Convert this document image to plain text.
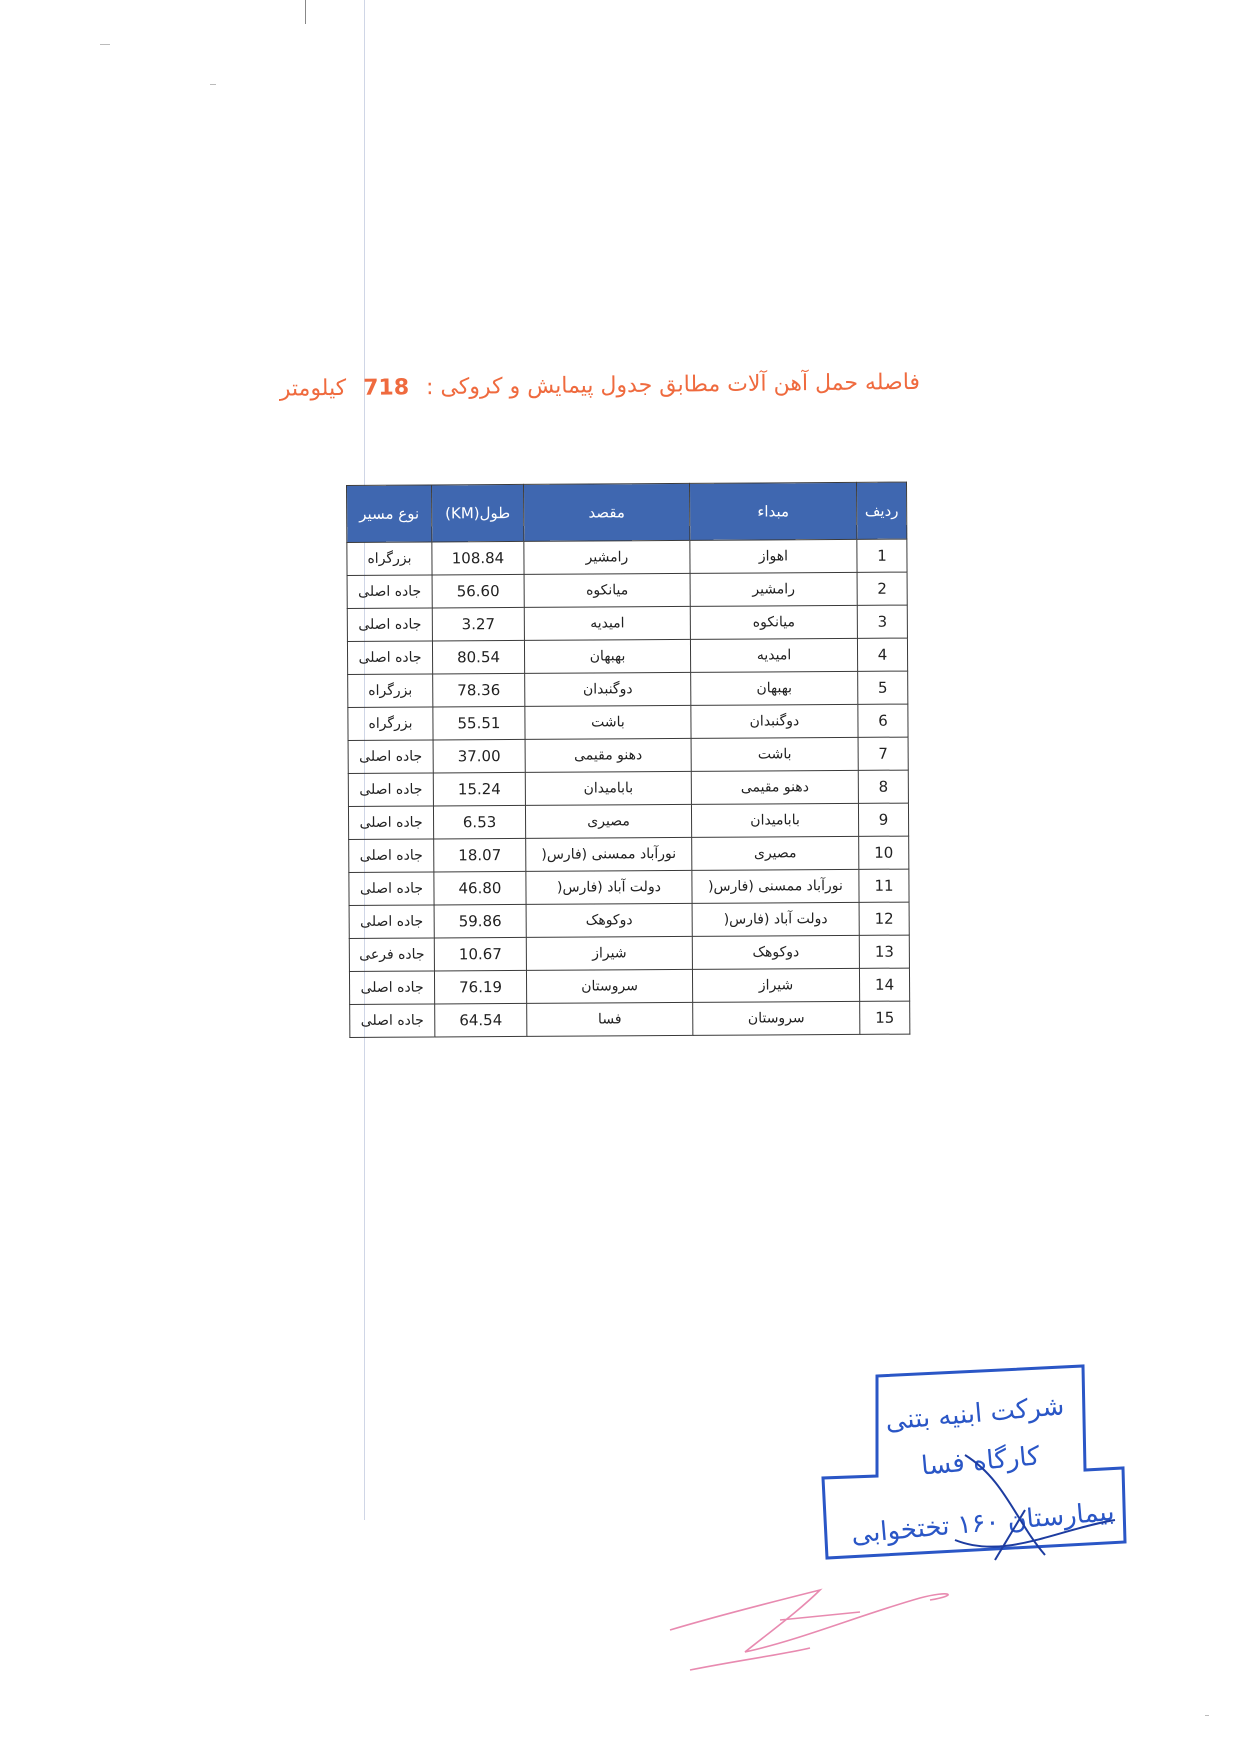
فاصله حمل آهن آلات مطابق جدول پیمایش و کروکی : 718 کیلومتر
ردیف	مبداء	مقصد	طول(KM)	نوع مسیر
1	اهواز	رامشیر	108.84	بزرگراه
2	رامشیر	میانکوه	56.60	جاده اصلی
3	میانکوه	امیدیه	3.27	جاده اصلی
4	امیدیه	بهبهان	80.54	جاده اصلی
5	بهبهان	دوگنبدان	78.36	بزرگراه
6	دوگنبدان	باشت	55.51	بزرگراه
7	باشت	دهنو مقیمی	37.00	جاده اصلی
8	دهنو مقیمی	بابامیدان	15.24	جاده اصلی
9	بابامیدان	مصیری	6.53	جاده اصلی
10	مصیری	نورآباد ممسنی (فارس(	18.07	جاده اصلی
11	نورآباد ممسنی (فارس(	دولت آباد (فارس(	46.80	جاده اصلی
12	دولت آباد (فارس(	دوکوهک	59.86	جاده اصلی
13	دوکوهک	شیراز	10.67	جاده فرعی
14	شیراز	سروستان	76.19	جاده اصلی
15	سروستان	فسا	64.54	جاده اصلی
شرکت ابنیه بتنی
کارگاه فسا
بیمارستان ۱۶۰ تختخوابی
